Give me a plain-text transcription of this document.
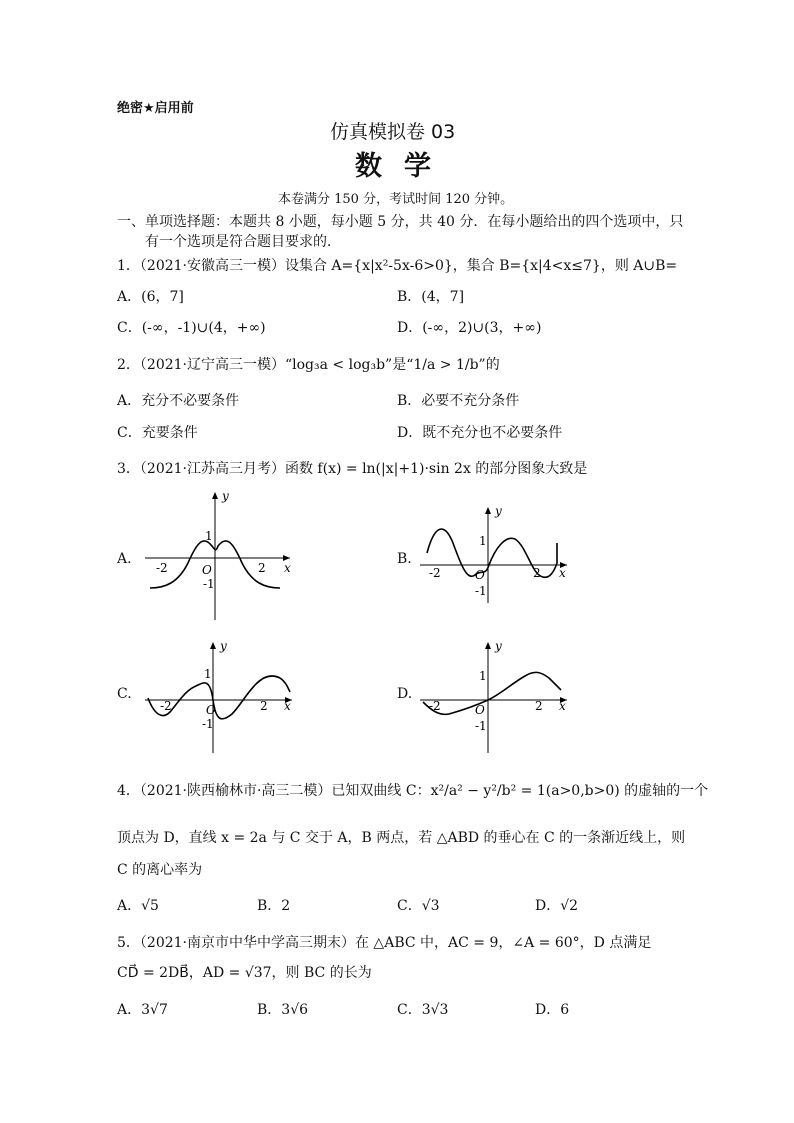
绝密★启用前
仿真模拟卷 03
数学
本卷满分 150 分，考试时间 120 分钟。
一、单项选择题：本题共 8 小题，每小题 5 分，共 40 分．在每小题给出的四个选项中，只
有一个选项是符合题目要求的．
1．（2021·安徽高三一模）设集合 A={x|x²-5x-6>0}，集合 B={x|4<x≤7}，则 A∪B=
A．(6，7]	B．(4，7]
C．(-∞，-1)∪(4，+∞)	D．(-∞，2)∪(3，+∞)
2．（2021·辽宁高三一模）“log₃a < log₃b”是“1/a > 1/b”的
A．充分不必要条件	B．必要不充分条件
C．充要条件	D．既不充分也不必要条件
3．（2021·江苏高三月考）函数 f(x) = ln(|x|+1)·sin 2x 的部分图象大致是
A.	B.
C.	D.
y
x
O
1
-1
2
-2
y
x
O
1
-1
2
-2
y
x
O
1
-1
2
-2
y
x
O
1
-1
2
-2
4．（2021·陕西榆林市·高三二模）已知双曲线 C：x²/a² − y²/b² = 1(a>0,b>0) 的虚轴的一个
顶点为 D，直线 x = 2a 与 C 交于 A，B 两点，若 △ABD 的垂心在 C 的一条渐近线上，则
C 的离心率为
A．√5	B．2	C．√3	D．√2
5．（2021·南京市中华中学高三期末）在 △ABC 中，AC = 9，∠A = 60°，D 点满足
CD⃗ = 2DB⃗，AD = √37，则 BC 的长为
A．3√7	B．3√6	C．3√3	D．6
